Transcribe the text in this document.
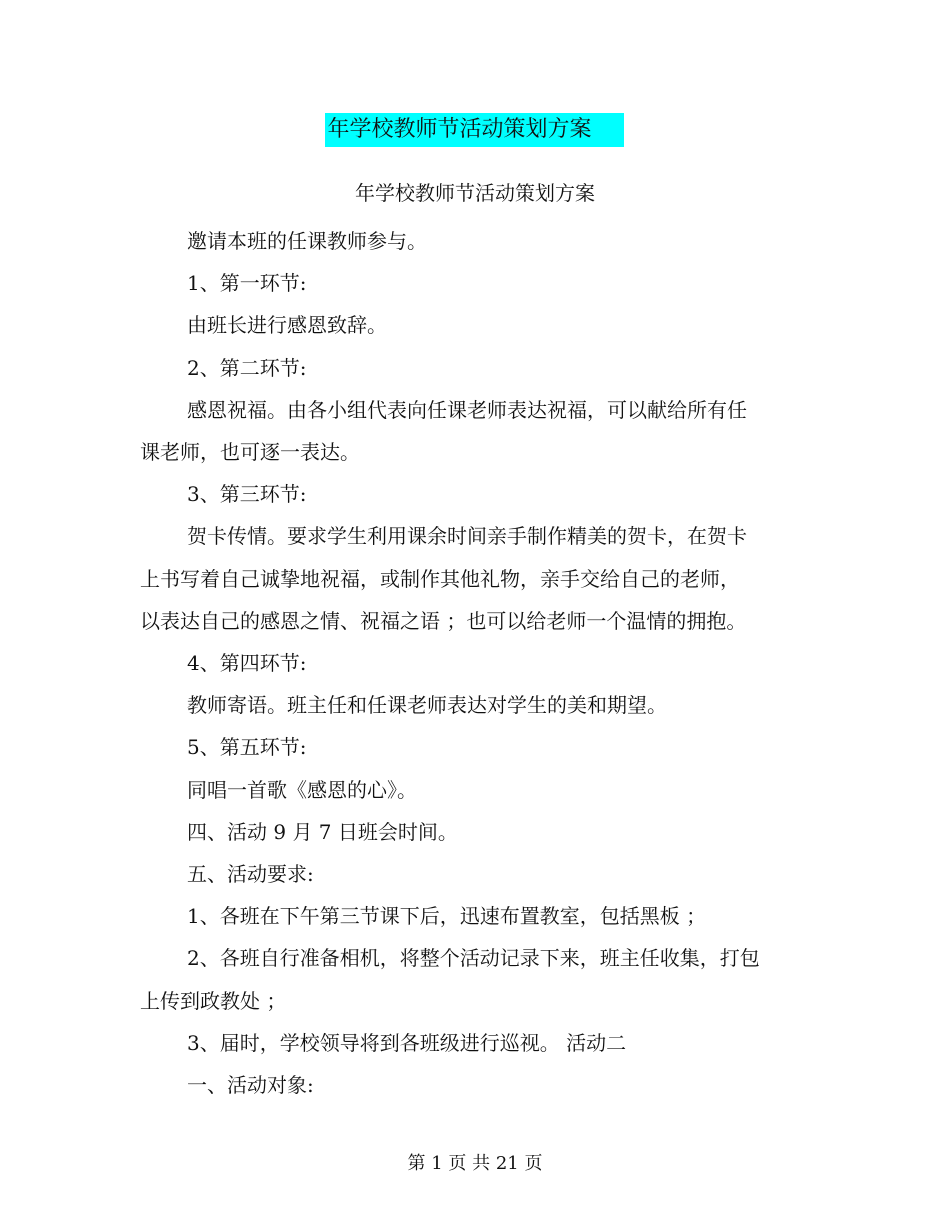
年学校教师节活动策划方案
年学校教师节活动策划方案

邀请本班的任课教师参与。

1、第一环节:

由班长进行感恩致辞。

2、第二环节:

感恩祝福。由各小组代表向任课老师表达祝福，可以献给所有任

课老师，也可逐一表达。

3、第三环节:

贺卡传情。要求学生利用课余时间亲手制作精美的贺卡，在贺卡

上书写着自己诚挚地祝福，或制作其他礼物，亲手交给自己的老师，

以表达自己的感恩之情、祝福之语 ；也可以给老师一个温情的拥抱。

4、第四环节:

教师寄语。班主任和任课老师表达对学生的美和期望。

5、第五环节:

同唱一首歌《感恩的心》。

四、活动 9 月 7 日班会时间。

五、活动要求:

1、各班在下午第三节课下后，迅速布置教室，包括黑板 ；

2、各班自行准备相机，将整个活动记录下来，班主任收集，打包

上传到政教处 ；

3、届时，学校领导将到各班级进行巡视。 活动二

一、活动对象:

第 1 页 共 21 页
